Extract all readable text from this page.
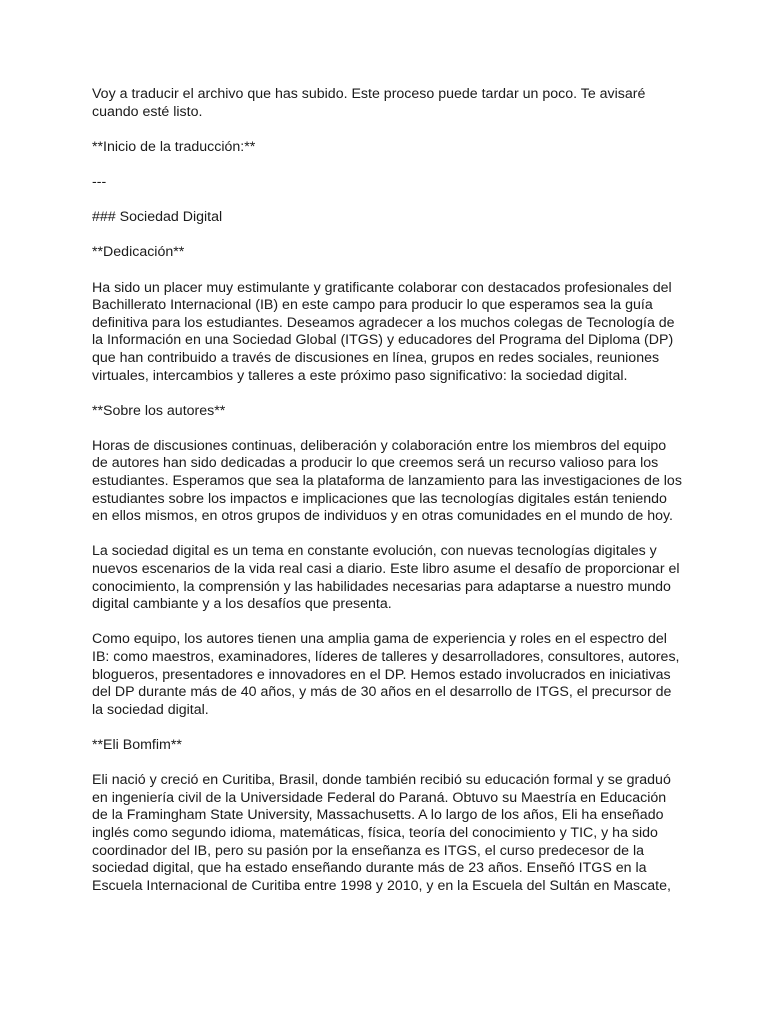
Voy a traducir el archivo que has subido. Este proceso puede tardar un poco. Te avisaré cuando esté listo.

**Inicio de la traducción:**

---

### Sociedad Digital

**Dedicación**

Ha sido un placer muy estimulante y gratificante colaborar con destacados profesionales del Bachillerato Internacional (IB) en este campo para producir lo que esperamos sea la guía definitiva para los estudiantes. Deseamos agradecer a los muchos colegas de Tecnología de la Información en una Sociedad Global (ITGS) y educadores del Programa del Diploma (DP) que han contribuido a través de discusiones en línea, grupos en redes sociales, reuniones virtuales, intercambios y talleres a este próximo paso significativo: la sociedad digital.

**Sobre los autores**

Horas de discusiones continuas, deliberación y colaboración entre los miembros del equipo de autores han sido dedicadas a producir lo que creemos será un recurso valioso para los estudiantes. Esperamos que sea la plataforma de lanzamiento para las investigaciones de los estudiantes sobre los impactos e implicaciones que las tecnologías digitales están teniendo en ellos mismos, en otros grupos de individuos y en otras comunidades en el mundo de hoy.

La sociedad digital es un tema en constante evolución, con nuevas tecnologías digitales y nuevos escenarios de la vida real casi a diario. Este libro asume el desafío de proporcionar el conocimiento, la comprensión y las habilidades necesarias para adaptarse a nuestro mundo digital cambiante y a los desafíos que presenta.

Como equipo, los autores tienen una amplia gama de experiencia y roles en el espectro del IB: como maestros, examinadores, líderes de talleres y desarrolladores, consultores, autores, blogueros, presentadores e innovadores en el DP. Hemos estado involucrados en iniciativas del DP durante más de 40 años, y más de 30 años en el desarrollo de ITGS, el precursor de la sociedad digital.

**Eli Bomfim**

Eli nació y creció en Curitiba, Brasil, donde también recibió su educación formal y se graduó en ingeniería civil de la Universidade Federal do Paraná. Obtuvo su Maestría en Educación de la Framingham State University, Massachusetts. A lo largo de los años, Eli ha enseñado inglés como segundo idioma, matemáticas, física, teoría del conocimiento y TIC, y ha sido coordinador del IB, pero su pasión por la enseñanza es ITGS, el curso predecesor de la sociedad digital, que ha estado enseñando durante más de 23 años. Enseñó ITGS en la Escuela Internacional de Curitiba entre 1998 y 2010, y en la Escuela del Sultán en Mascate,
